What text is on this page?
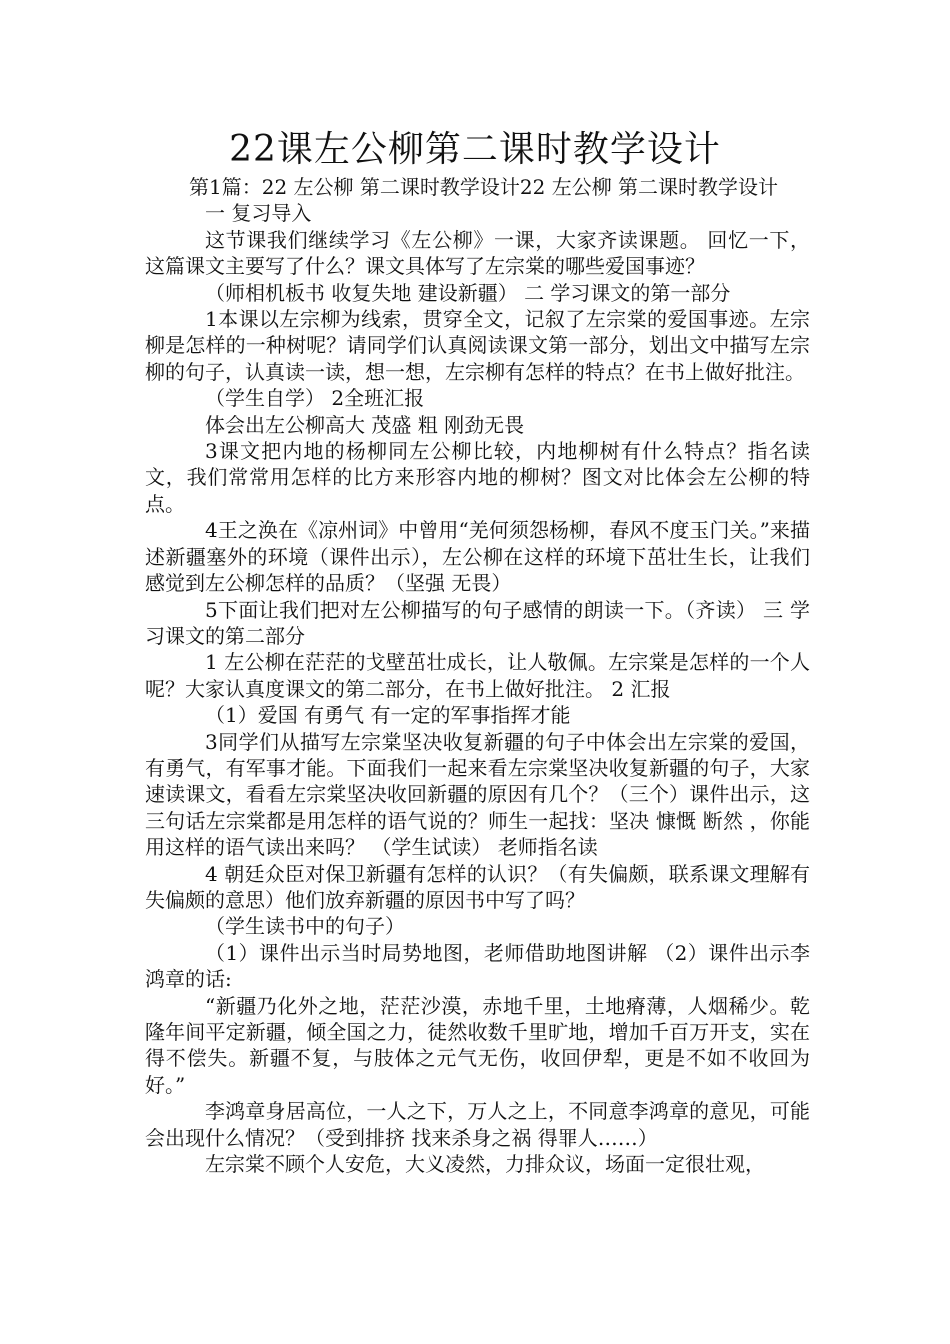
22课左公柳第二课时教学设计

第1篇：22 左公柳 第二课时教学设计22 左公柳 第二课时教学设计

一 复习导入

这节课我们继续学习《左公柳》一课，大家齐读课题。 回忆一下，这篇课文主要写了什么？课文具体写了左宗棠的哪些爱国事迹？

（师相机板书 收复失地 建设新疆） 二 学习课文的第一部分

1本课以左宗柳为线索，贯穿全文，记叙了左宗棠的爱国事迹。左宗柳是怎样的一种树呢？请同学们认真阅读课文第一部分，划出文中描写左宗柳的句子，认真读一读，想一想，左宗柳有怎样的特点？在书上做好批注。

（学生自学） 2全班汇报

体会出左公柳高大 茂盛 粗 刚劲无畏

3课文把内地的杨柳同左公柳比较，内地柳树有什么特点？指名读文，我们常常用怎样的比方来形容内地的柳树？图文对比体会左公柳的特点。

4王之涣在《凉州词》中曾用“羌何须怨杨柳，春风不度玉门关。”来描述新疆塞外的环境（课件出示），左公柳在这样的环境下茁壮生长，让我们感觉到左公柳怎样的品质？（坚强 无畏）

5下面让我们把对左公柳描写的句子感情的朗读一下。（齐读） 三 学习课文的第二部分

1 左公柳在茫茫的戈壁茁壮成长，让人敬佩。左宗棠是怎样的一个人呢？大家认真度课文的第二部分，在书上做好批注。 2 汇报

（1）爱国 有勇气 有一定的军事指挥才能

3同学们从描写左宗棠坚决收复新疆的句子中体会出左宗棠的爱国，有勇气，有军事才能。下面我们一起来看左宗棠坚决收复新疆的句子，大家速读课文，看看左宗棠坚决收回新疆的原因有几个？（三个）课件出示，这三句话左宗棠都是用怎样的语气说的？师生一起找：坚决 慷慨 断然 ，你能用这样的语气读出来吗？ （学生试读） 老师指名读

4 朝廷众臣对保卫新疆有怎样的认识？（有失偏颇，联系课文理解有失偏颇的意思）他们放弃新疆的原因书中写了吗？

（学生读书中的句子）

（1）课件出示当时局势地图，老师借助地图讲解 （2）课件出示李鸿章的话:

“新疆乃化外之地，茫茫沙漠，赤地千里，土地瘠薄，人烟稀少。乾隆年间平定新疆，倾全国之力，徒然收数千里旷地，增加千百万开支，实在得不偿失。新疆不复，与肢体之元气无伤，收回伊犁，更是不如不收回为好。”

李鸿章身居高位，一人之下，万人之上，不同意李鸿章的意见，可能会出现什么情况？（受到排挤 找来杀身之祸 得罪人……）

左宗棠不顾个人安危，大义凌然，力排众议，场面一定很壮观，
